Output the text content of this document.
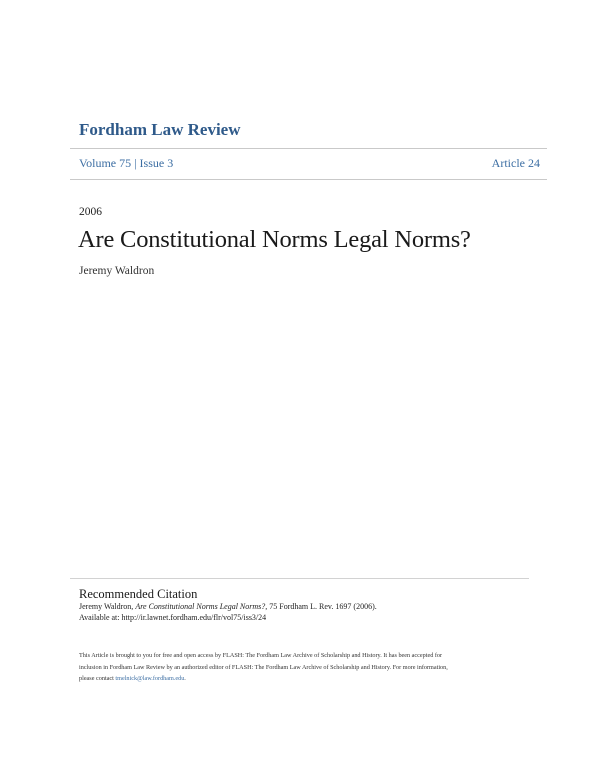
Fordham Law Review
Volume 75 | Issue 3	Article 24
2006
Are Constitutional Norms Legal Norms?
Jeremy Waldron
Recommended Citation
Jeremy Waldron, Are Constitutional Norms Legal Norms?, 75 Fordham L. Rev. 1697 (2006).
Available at: http://ir.lawnet.fordham.edu/flr/vol75/iss3/24
This Article is brought to you for free and open access by FLASH: The Fordham Law Archive of Scholarship and History. It has been accepted for
inclusion in Fordham Law Review by an authorized editor of FLASH: The Fordham Law Archive of Scholarship and History. For more information,
please contact tmelnick@law.fordham.edu.
